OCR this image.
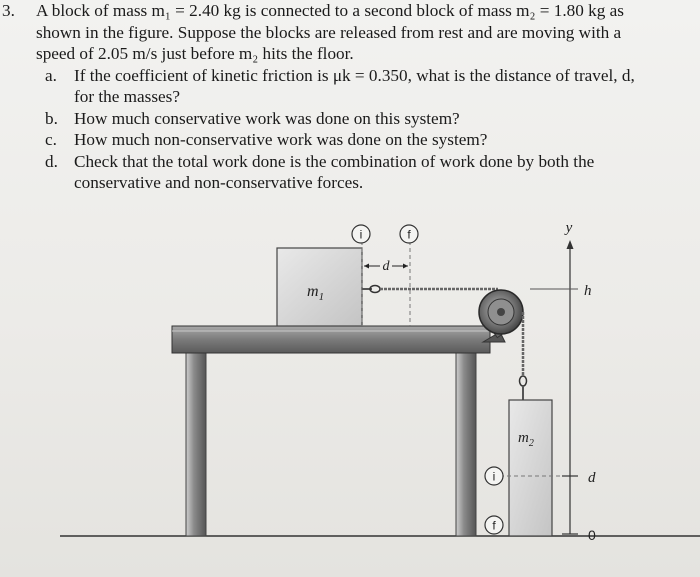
3. A block of mass m₁ = 2.40 kg is connected to a second block of mass m₂ = 1.80 kg as
shown in the figure. Suppose the blocks are released from rest and are moving with a
speed of 2.05 m/s just before m₂ hits the floor.
a. If the coefficient of kinetic friction is μk = 0.350, what is the distance of travel, d,
for the masses?
b. How much conservative work was done on this system?
c. How much non-conservative work was done on the system?
d. Check that the total work done is the combination of work done by both the
conservative and non-conservative forces.
$m_1$
i	f
d
$m_2$
i
f
y
h
d
0
